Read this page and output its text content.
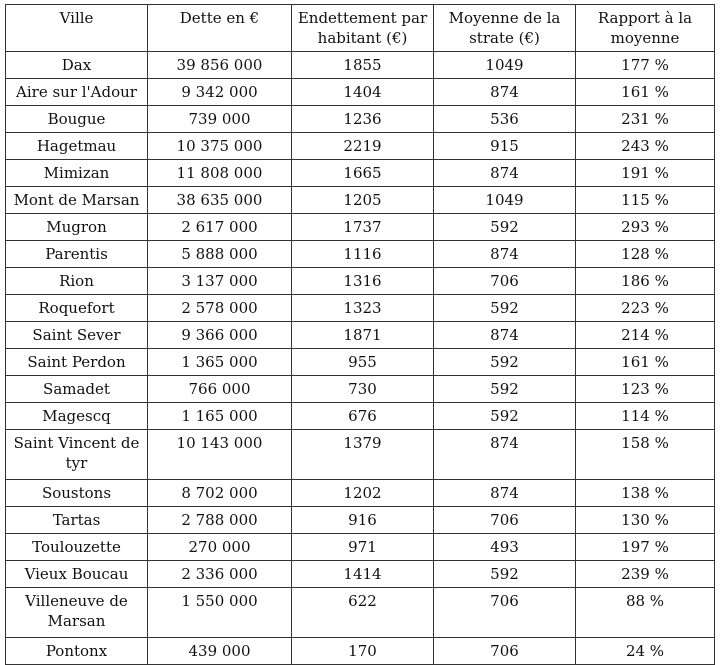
Ville	Dette en €	Endettement par habitant (€)	Moyenne de la strate (€)	Rapport à la moyenne
Dax	39 856 000	1855	1049	177 %
Aire sur l'Adour	9 342 000	1404	874	161 %
Bougue	739 000	1236	536	231 %
Hagetmau	10 375 000	2219	915	243 %
Mimizan	11 808 000	1665	874	191 %
Mont de Marsan	38 635 000	1205	1049	115 %
Mugron	2 617 000	1737	592	293 %
Parentis	5 888 000	1116	874	128 %
Rion	3 137 000	1316	706	186 %
Roquefort	2 578 000	1323	592	223 %
Saint Sever	9 366 000	1871	874	214 %
Saint Perdon	1 365 000	955	592	161 %
Samadet	766 000	730	592	123 %
Magescq	1 165 000	676	592	114 %
Saint Vincent de tyr	10 143 000	1379	874	158 %
Soustons	8 702 000	1202	874	138 %
Tartas	2 788 000	916	706	130 %
Toulouzette	270 000	971	493	197 %
Vieux Boucau	2 336 000	1414	592	239 %
Villeneuve de Marsan	1 550 000	622	706	88 %
Pontonx	439 000	170	706	24 %
